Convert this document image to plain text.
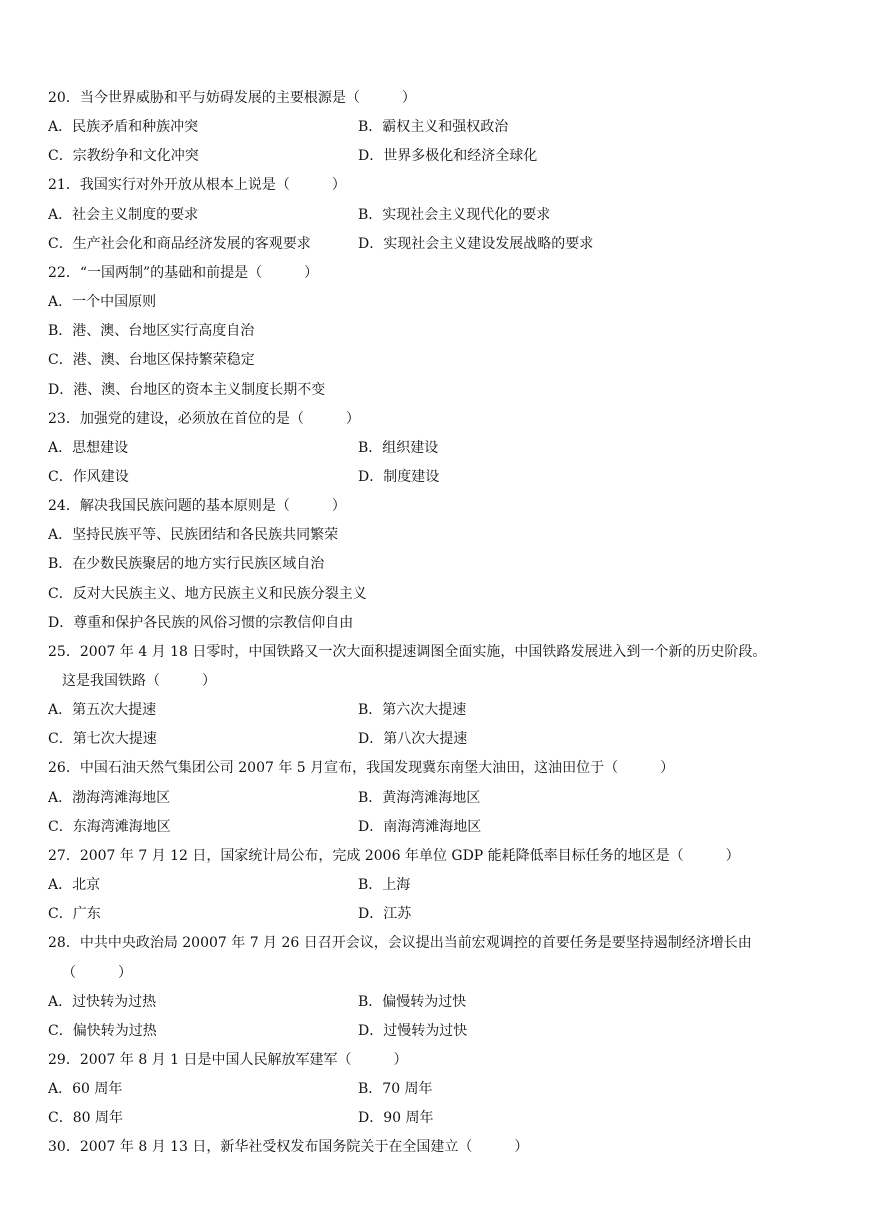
20．当今世界威胁和平与妨碍发展的主要根源是（　　　）
A．民族矛盾和种族冲突	B．霸权主义和强权政治
C．宗教纷争和文化冲突	D．世界多极化和经济全球化
21．我国实行对外开放从根本上说是（　　　）
A．社会主义制度的要求	B．实现社会主义现代化的要求
C．生产社会化和商品经济发展的客观要求	D．实现社会主义建设发展战略的要求
22．“一国两制”的基础和前提是（　　　）
A．一个中国原则
B．港、澳、台地区实行高度自治
C．港、澳、台地区保持繁荣稳定
D．港、澳、台地区的资本主义制度长期不变
23．加强党的建设，必须放在首位的是（　　　）
A．思想建设	B．组织建设
C．作风建设	D．制度建设
24．解决我国民族问题的基本原则是（　　　）
A．坚持民族平等、民族团结和各民族共同繁荣
B．在少数民族聚居的地方实行民族区域自治
C．反对大民族主义、地方民族主义和民族分裂主义
D．尊重和保护各民族的风俗习惯的宗教信仰自由
25．2007 年 4 月 18 日零时，中国铁路又一次大面积提速调图全面实施，中国铁路发展进入到一个新的历史阶段。
这是我国铁路（　　　）
A．第五次大提速	B．第六次大提速
C．第七次大提速	D．第八次大提速
26．中国石油天然气集团公司 2007 年 5 月宣布，我国发现冀东南堡大油田，这油田位于（　　　）
A．渤海湾滩海地区	B．黄海湾滩海地区
C．东海湾滩海地区	D．南海湾滩海地区
27．2007 年 7 月 12 日，国家统计局公布，完成 2006 年单位 GDP 能耗降低率目标任务的地区是（　　　）
A．北京	B．上海
C．广东	D．江苏
28．中共中央政治局 20007 年 7 月 26 日召开会议，会议提出当前宏观调控的首要任务是要坚持遏制经济增长由
（　　　）
A．过快转为过热	B．偏慢转为过快
C．偏快转为过热	D．过慢转为过快
29．2007 年 8 月 1 日是中国人民解放军建军（　　　）
A．60 周年	B．70 周年
C．80 周年	D．90 周年
30．2007 年 8 月 13 日，新华社受权发布国务院关于在全国建立（　　　）
